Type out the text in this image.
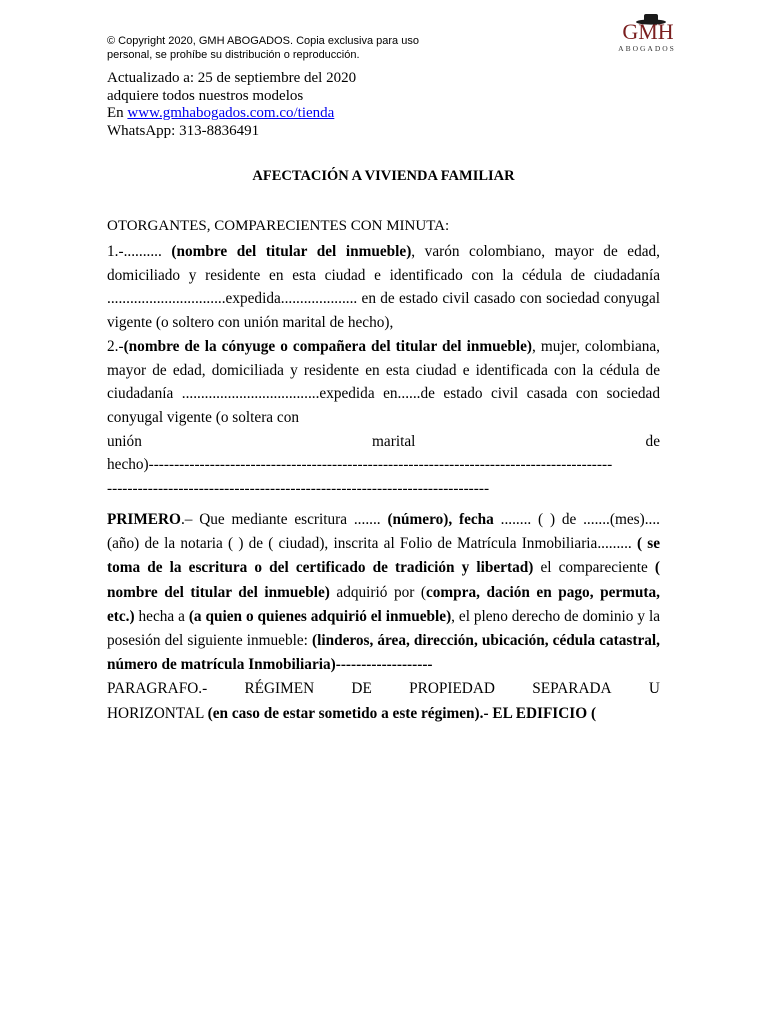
© Copyright 2020, GMH ABOGADOS. Copia exclusiva para uso
personal, se prohíbe su distribución o reproducción.
GMH
ABOGADOS
Actualizado a: 25 de septiembre del 2020
adquiere todos nuestros modelos
En www.gmhabogados.com.co/tienda
WhatsApp: 313-8836491
AFECTACIÓN A VIVIENDA FAMILIAR
OTORGANTES, COMPARECIENTES CON MINUTA:

1.-.......... (nombre del titular del inmueble), varón colombiano, mayor de edad, domiciliado y residente en esta ciudad e identificado con la cédula de ciudadanía ...............................expedida.................... en de estado civil casado con sociedad conyugal vigente (o soltero con unión marital de hecho),

2.-(nombre de la cónyuge o compañera del titular del inmueble), mujer, colombiana, mayor de edad, domiciliada y residente en esta ciudad e identificada con la cédula de ciudadanía ....................................expedida en......de estado civil casada con sociedad conyugal vigente (o soltera con

unión	marital	de
hecho)-------------------------------------------------------------------------------------------
---------------------------------------------------------------------------

PRIMERO.– Que mediante escritura ....... (número), fecha ........ ( ) de .......(mes).... (año) de la notaria ( ) de ( ciudad), inscrita al Folio de Matrícula Inmobiliaria......... ( se toma de la escritura o del certificado de tradición y libertad) el compareciente ( nombre del titular del inmueble) adquirió por (compra, dación en pago, permuta, etc.) hecha a (a quien o quienes adquirió el inmueble), el pleno derecho de dominio y la posesión del siguiente inmueble: (linderos, área, dirección, ubicación, cédula catastral, número de matrícula Inmobiliaria)-------------------

PARAGRAFO.- RÉGIMEN DE PROPIEDAD SEPARADA U
HORIZONTAL (en caso de estar sometido a este régimen).- EL EDIFICIO (
